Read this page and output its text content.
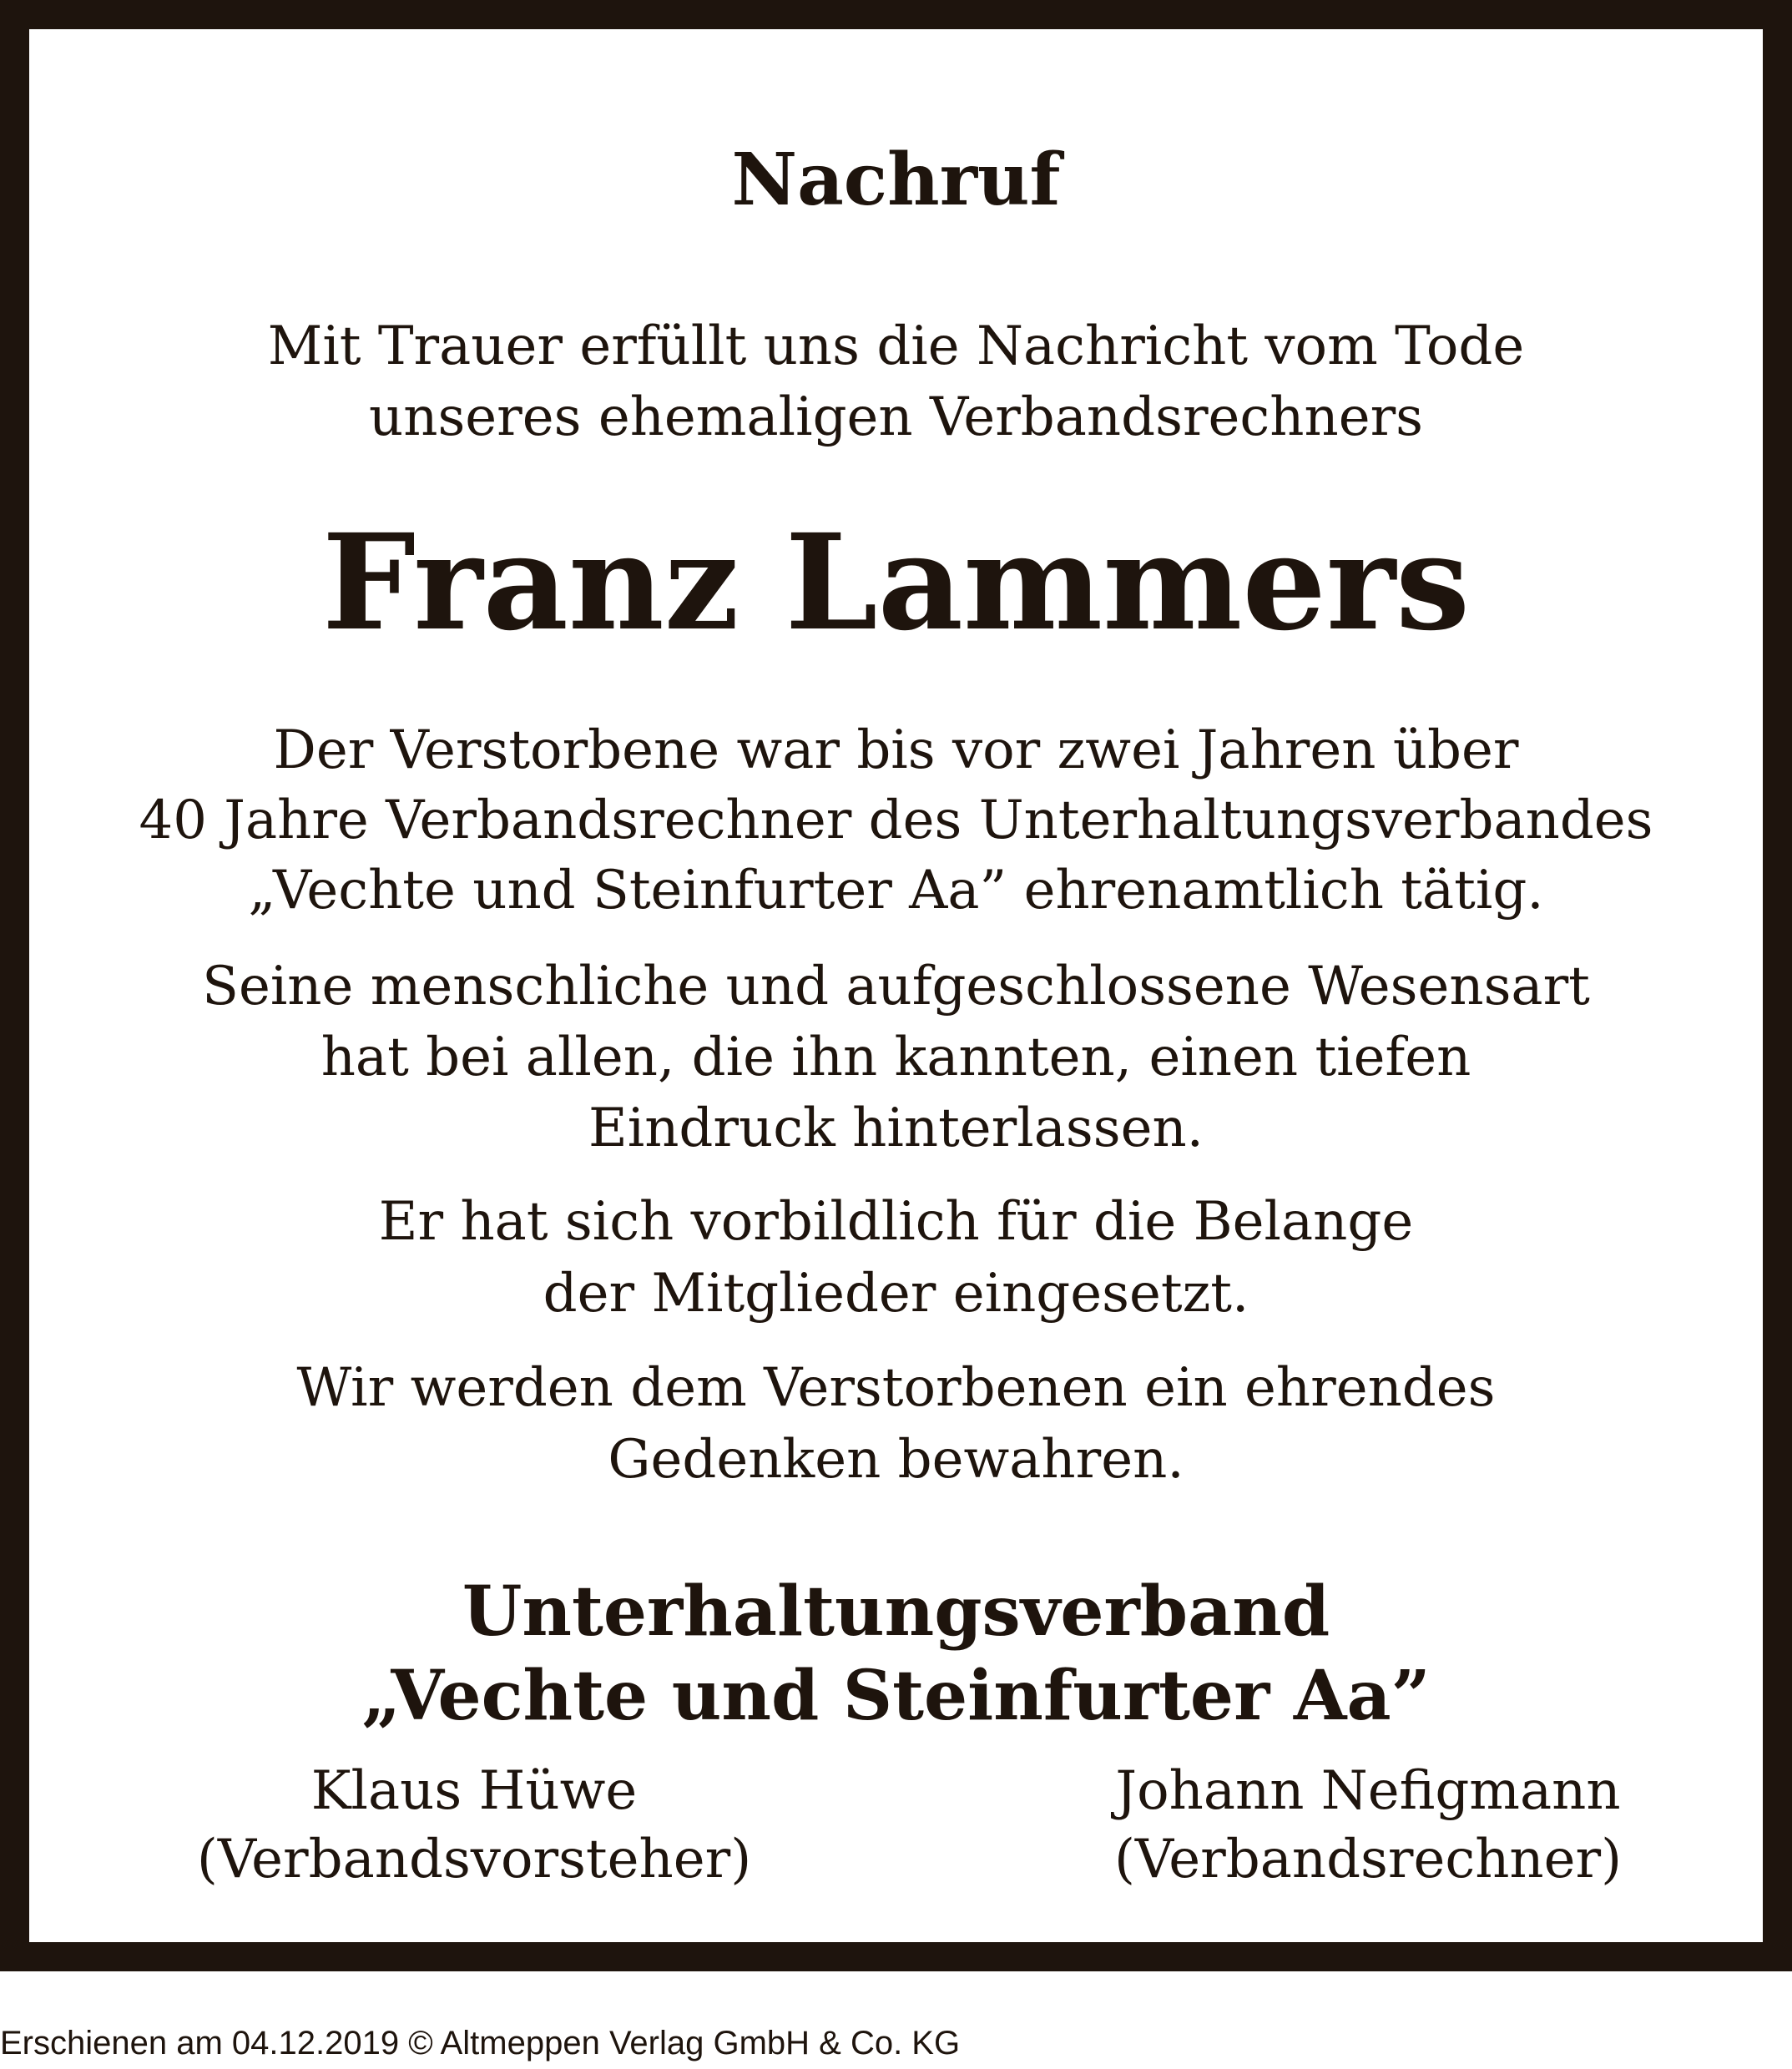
Nachruf
Mit Trauer erfüllt uns die Nachricht vom Tode
unseres ehemaligen Verbandsrechners
Franz Lammers
Der Verstorbene war bis vor zwei Jahren über
40 Jahre Verbandsrechner des Unterhaltungsverbandes
„Vechte und Steinfurter Aa” ehrenamtlich tätig.
Seine menschliche und aufgeschlossene Wesensart
hat bei allen, die ihn kannten, einen tiefen
Eindruck hinterlassen.
Er hat sich vorbildlich für die Belange
der Mitglieder eingesetzt.
Wir werden dem Verstorbenen ein ehrendes
Gedenken bewahren.
Unterhaltungsverband
„Vechte und Steinfurter Aa”
Klaus Hüwe
(Verbandsvorsteher)
Johann Nefigmann
(Verbandsrechner)
Erschienen am 04.12.2019 © Altmeppen Verlag GmbH & Co. KG
